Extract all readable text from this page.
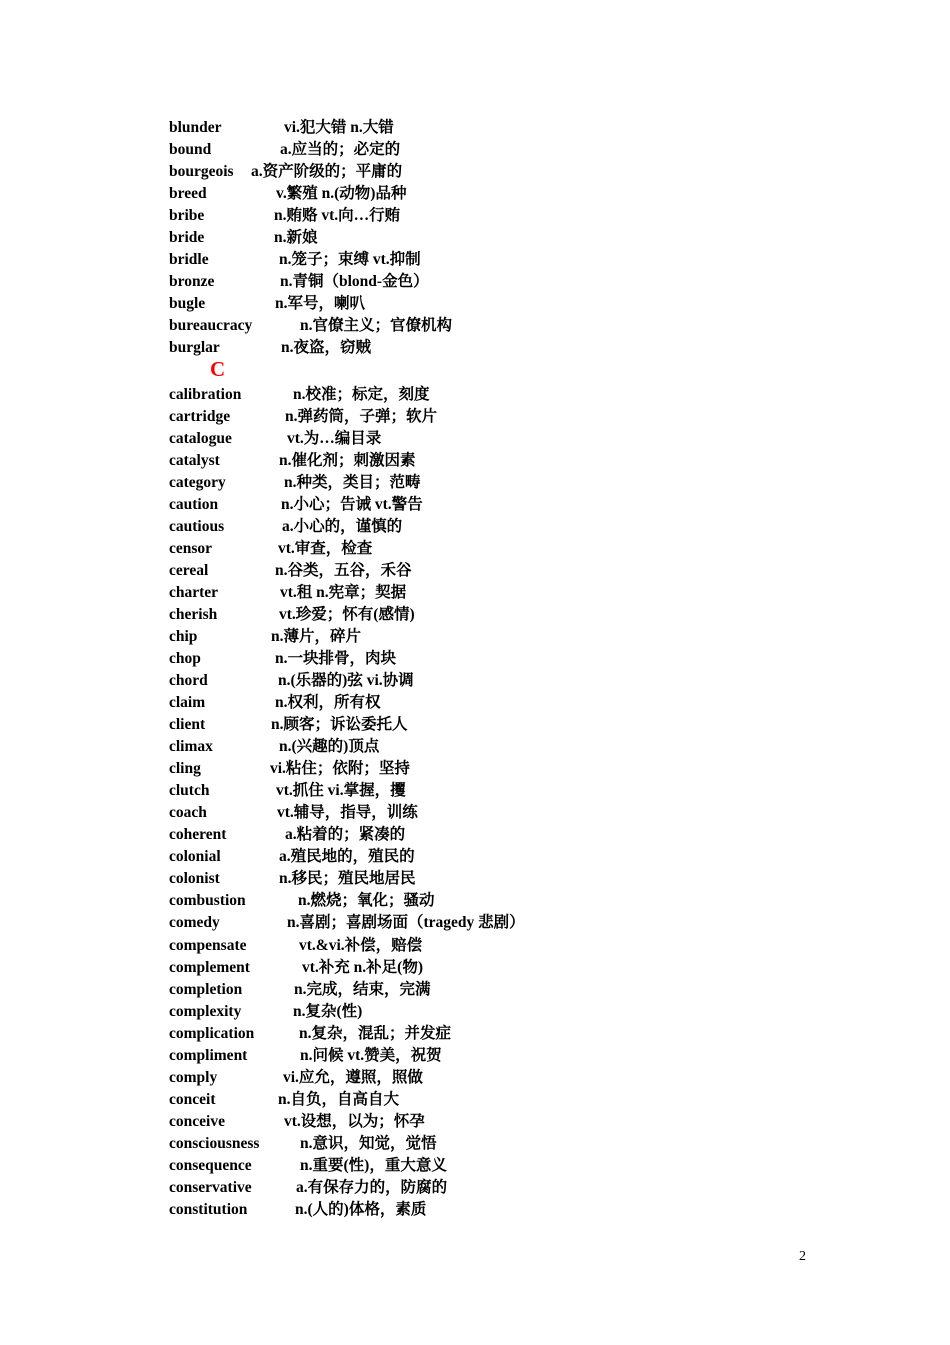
blunder	vi.犯大错 n.大错
bound	a.应当的；必定的
bourgeois a.资产阶级的；平庸的
breed	v.繁殖 n.(动物)品种
bribe	n.贿赂 vt.向…行贿
bride	n.新娘
bridle	n.笼子；束缚 vt.抑制
bronze	n.青铜（blond-金色）
bugle	n.军号，喇叭
bureaucracy	n.官僚主义；官僚机构
burglar	n.夜盗，窃贼
C
calibration	n.校准；标定，刻度
cartridge	n.弹药筒，子弹；软片
catalogue	vt.为…编目录
catalyst	n.催化剂；刺激因素
category	n.种类，类目；范畴
caution	n.小心；告诫 vt.警告
cautious	a.小心的，谨慎的
censor	vt.审查，检查
cereal	n.谷类，五谷，禾谷
charter	vt.租 n.宪章；契据
cherish	vt.珍爱；怀有(感情)
chip	n.薄片，碎片
chop	n.一块排骨，肉块
chord	n.(乐器的)弦 vi.协调
claim	n.权利，所有权
client	n.顾客；诉讼委托人
climax	n.(兴趣的)顶点
cling	vi.粘住；依附；坚持
clutch	vt.抓住 vi.掌握，攫
coach	vt.辅导，指导，训练
coherent	a.粘着的；紧凑的
colonial	a.殖民地的，殖民的
colonist	n.移民；殖民地居民
combustion	n.燃烧；氧化；骚动
comedy	n.喜剧；喜剧场面（tragedy 悲剧）
compensate	vt.&vi.补偿，赔偿
complement	vt.补充 n.补足(物)
completion	n.完成，结束，完满
complexity	n.复杂(性)
complication	n.复杂，混乱；并发症
compliment	n.问候 vt.赞美，祝贺
comply	vi.应允，遵照，照做
conceit	n.自负，自高自大
conceive	vt.设想，以为；怀孕
consciousness	n.意识，知觉，觉悟
consequence	n.重要(性)，重大意义
conservative	a.有保存力的，防腐的
constitution	n.(人的)体格，素质
2
